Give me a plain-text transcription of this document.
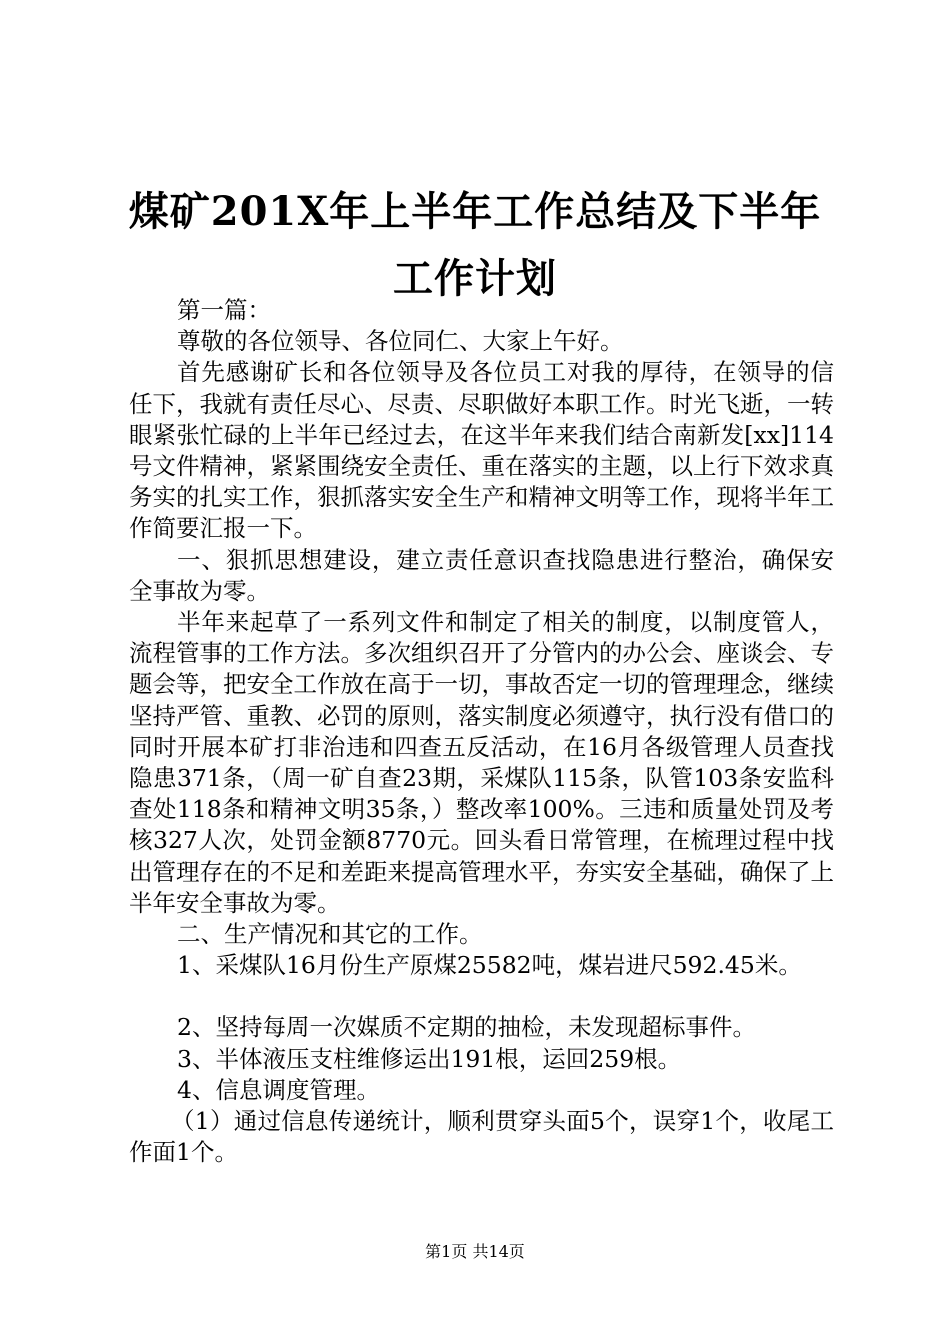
煤矿201X年上半年工作总结及下半年工作计划

第一篇：

尊敬的各位领导、各位同仁、大家上午好。

首先感谢矿长和各位领导及各位员工对我的厚待，在领导的信任下，我就有责任尽心、尽责、尽职做好本职工作。时光飞逝，一转眼紧张忙碌的上半年已经过去，在这半年来我们结合南新发[xx]114号文件精神，紧紧围绕安全责任、重在落实的主题，以上行下效求真务实的扎实工作，狠抓落实安全生产和精神文明等工作，现将半年工作简要汇报一下。

一、狠抓思想建设，建立责任意识查找隐患进行整治，确保安全事故为零。

半年来起草了一系列文件和制定了相关的制度，以制度管人，流程管事的工作方法。多次组织召开了分管内的办公会、座谈会、专题会等，把安全工作放在高于一切，事故否定一切的管理理念，继续坚持严管、重教、必罚的原则，落实制度必须遵守，执行没有借口的同时开展本矿打非治违和四查五反活动，在16月各级管理人员查找隐患371条，（周一矿自查23期，采煤队115条，队管103条安监科查处118条和精神文明35条，）整改率100%。三违和质量处罚及考核327人次，处罚金额8770元。回头看日常管理，在梳理过程中找出管理存在的不足和差距来提高管理水平，夯实安全基础，确保了上半年安全事故为零。

二、生产情况和其它的工作。

1、采煤队16月份生产原煤25582吨，煤岩进尺592.45米。

2、坚持每周一次媒质不定期的抽检，未发现超标事件。

3、半体液压支柱维修运出191根，运回259根。

4、信息调度管理。

（1）通过信息传递统计，顺利贯穿头面5个，误穿1个，收尾工作面1个。

第1页 共14页
